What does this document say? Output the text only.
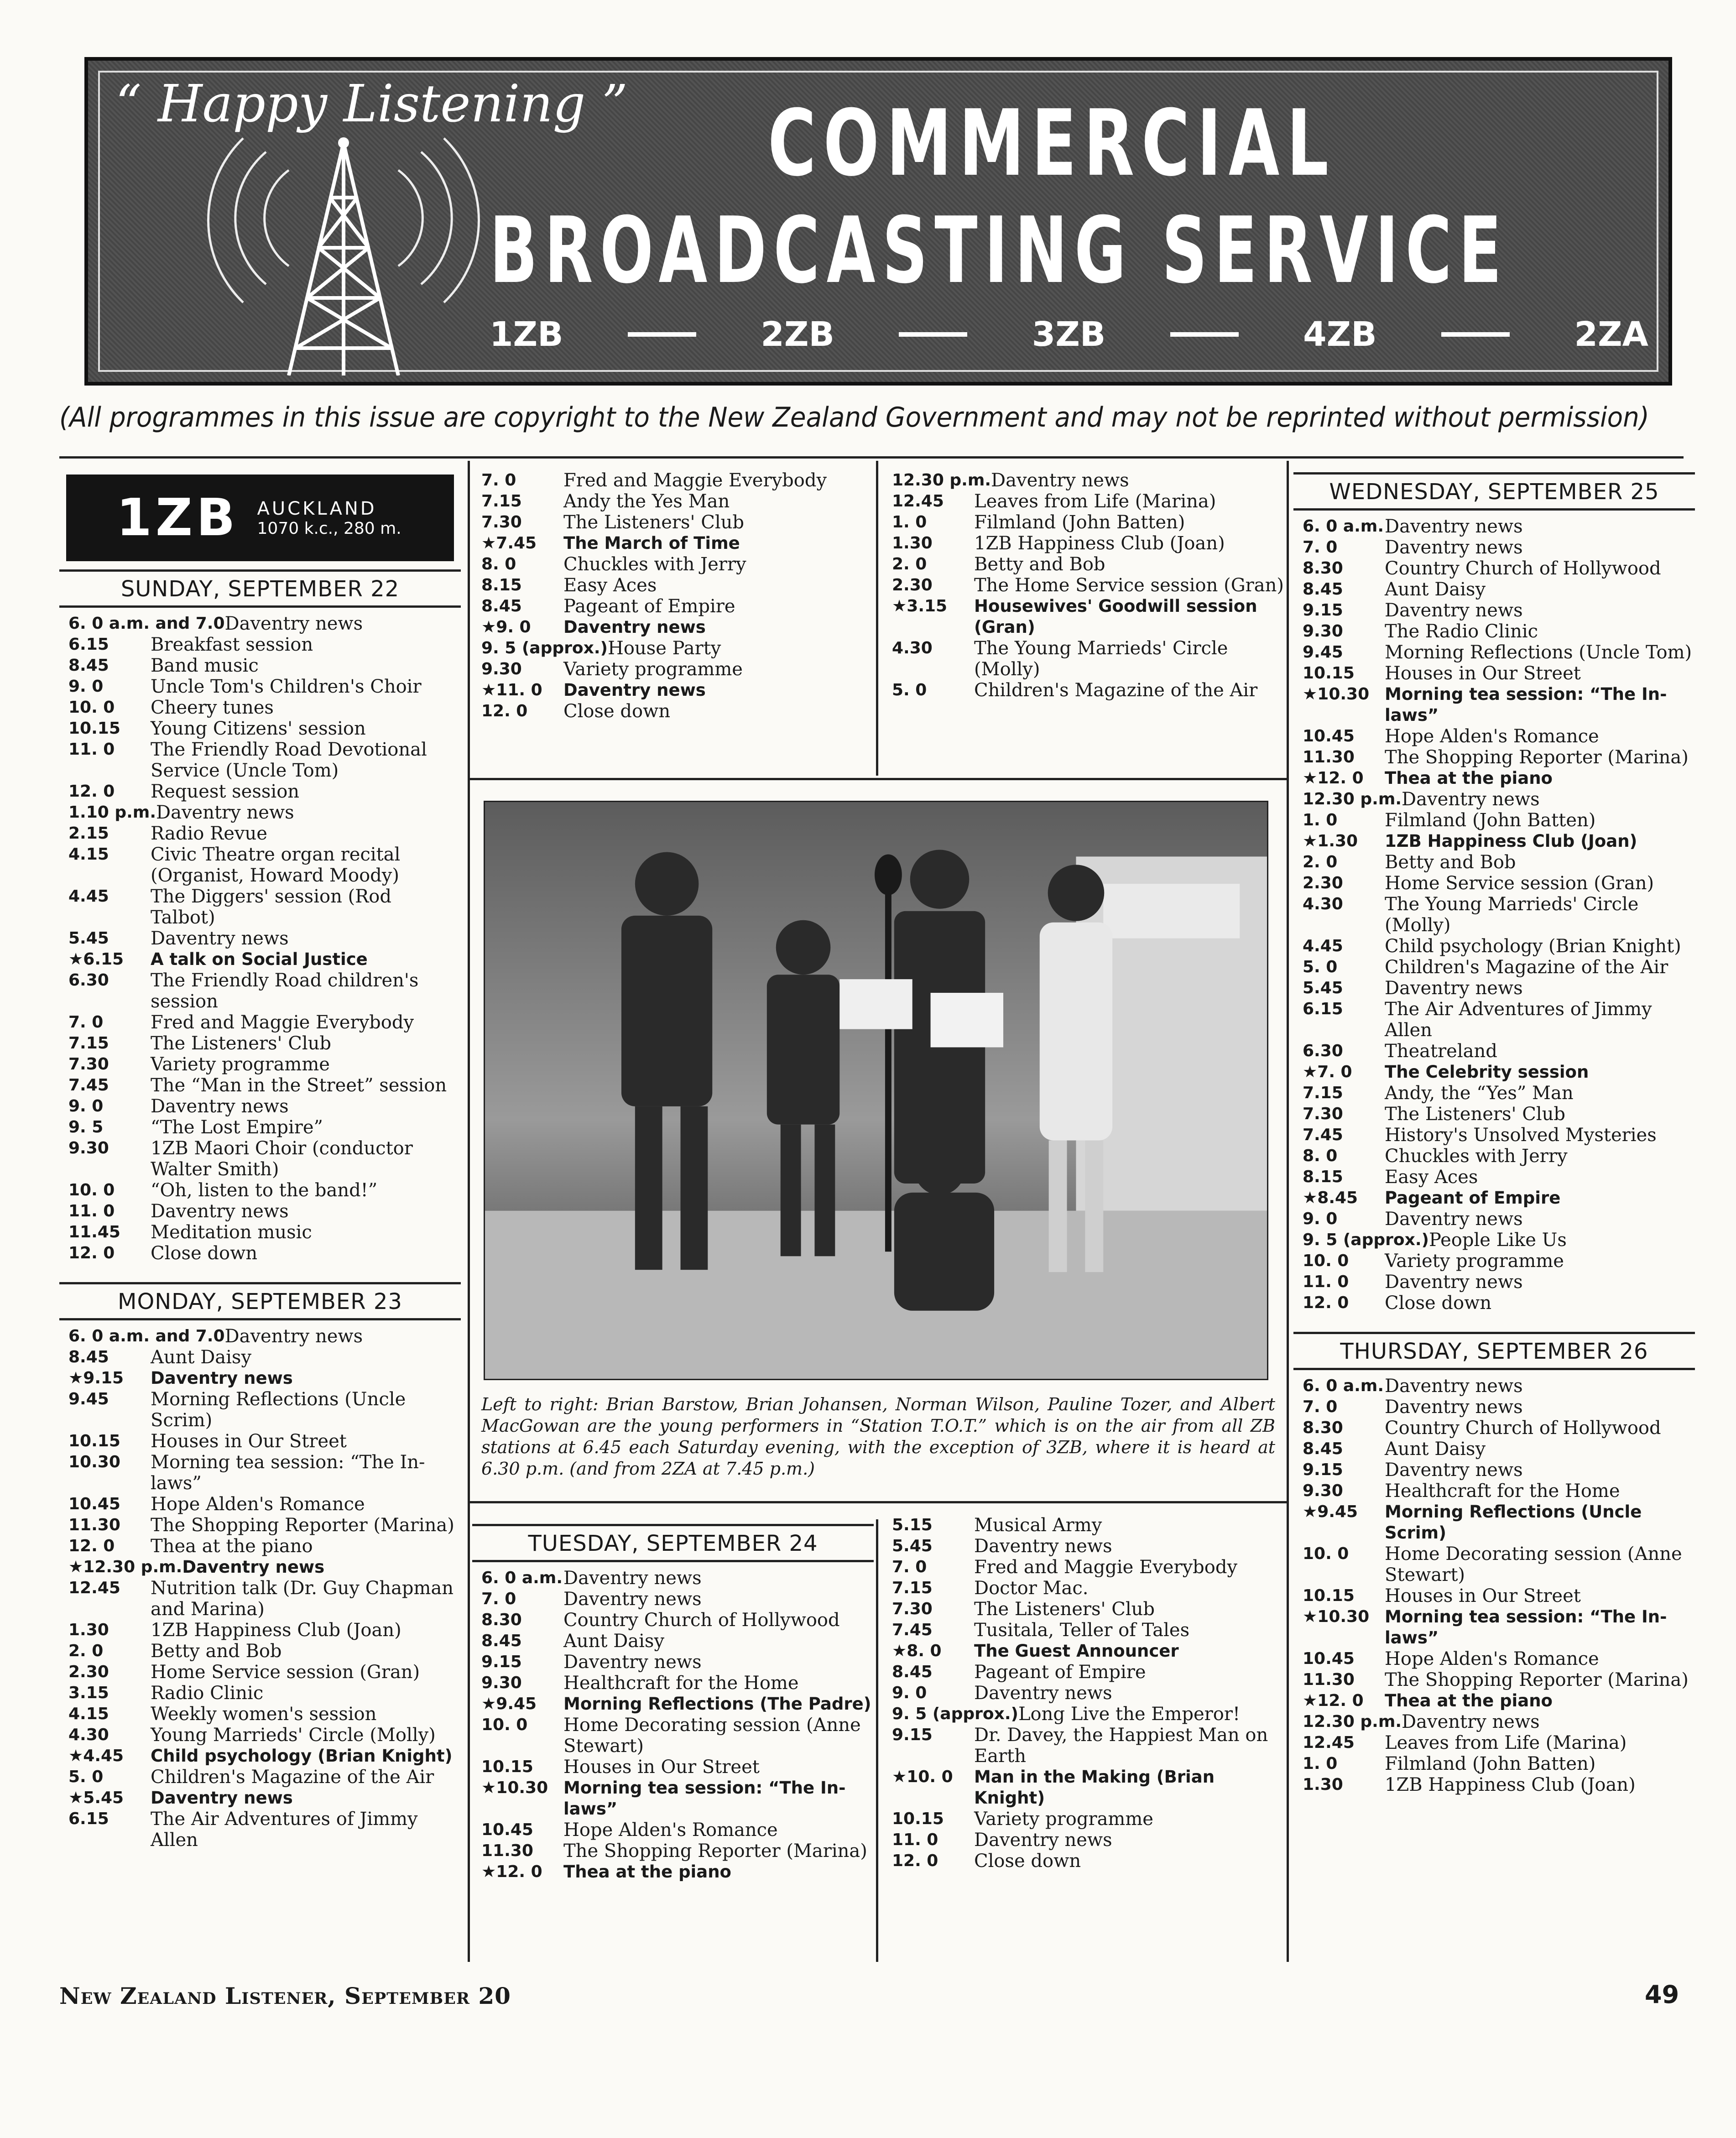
“ Happy Listening ” COMMERCIAL
BROADCASTING SERVICE
1ZB	2ZB	3ZB	4ZB	2ZA
(All programmes in this issue are copyright to the New Zealand Government and may not be reprinted without permission)
1ZB AUCKLAND
1070 k.c., 280 m.
SUNDAY, SEPTEMBER 22
6. 0 a.m. and 7.0 Daventry news
6.15	Breakfast session
8.45	Band music
9. 0	Uncle Tom's Children's Choir
10. 0	Cheery tunes
10.15	Young Citizens' session
11. 0	The Friendly Road Devotional Service (Uncle Tom)
12. 0	Request session
1.10 p.m. Daventry news
2.15	Radio Revue
4.15	Civic Theatre organ recital (Organist, Howard Moody)
4.45	The Diggers' session (Rod Talbot)
5.45	Daventry news
★6.15	A talk on Social Justice
6.30	The Friendly Road children's session
7. 0	Fred and Maggie Everybody
7.15	The Listeners' Club
7.30	Variety programme
7.45	The “Man in the Street” session
9. 0	Daventry news
9. 5	“The Lost Empire”
9.30	1ZB Maori Choir (conductor Walter Smith)
10. 0	“Oh, listen to the band!”
11. 0	Daventry news
11.45	Meditation music
12. 0	Close down
MONDAY, SEPTEMBER 23
6. 0 a.m. and 7.0 Daventry news
8.45	Aunt Daisy
★9.15	Daventry news
9.45	Morning Reflections (Uncle Scrim)
10.15	Houses in Our Street
10.30	Morning tea session: “The In-laws”
10.45	Hope Alden's Romance
11.30	The Shopping Reporter (Marina)
12. 0	Thea at the piano
★12.30 p.m. Daventry news
12.45	Nutrition talk (Dr. Guy Chapman and Marina)
1.30	1ZB Happiness Club (Joan)
2. 0	Betty and Bob
2.30	Home Service session (Gran)
3.15	Radio Clinic
4.15	Weekly women's session
4.30	Young Marrieds' Circle (Molly)
★4.45	Child psychology (Brian Knight)
5. 0	Children's Magazine of the Air
★5.45	Daventry news
6.15	The Air Adventures of Jimmy Allen
7. 0	Fred and Maggie Everybody
7.15	Andy the Yes Man
7.30	The Listeners' Club
★7.45	The March of Time
8. 0	Chuckles with Jerry
8.15	Easy Aces
8.45	Pageant of Empire
★9. 0	Daventry news
9. 5 (approx.) House Party
9.30	Variety programme
★11. 0	Daventry news
12. 0	Close down
12.30 p.m. Daventry news
12.45	Leaves from Life (Marina)
1. 0	Filmland (John Batten)
1.30	1ZB Happiness Club (Joan)
2. 0	Betty and Bob
2.30	The Home Service session (Gran)
★3.15	Housewives' Goodwill session (Gran)
4.30	The Young Marrieds' Circle (Molly)
5. 0	Children's Magazine of the Air
Left to right: Brian Barstow, Brian Johansen, Norman Wilson, Pauline Tozer, and Albert MacGowan are the young performers in “Station T.O.T.” which is on the air from all ZB stations at 6.45 each Saturday evening, with the exception of 3ZB, where it is heard at 6.30 p.m. (and from 2ZA at 7.45 p.m.)
TUESDAY, SEPTEMBER 24
6. 0 a.m. Daventry news
7. 0	Daventry news
8.30	Country Church of Hollywood
8.45	Aunt Daisy
9.15	Daventry news
9.30	Healthcraft for the Home
★9.45	Morning Reflections (The Padre)
10. 0	Home Decorating session (Anne Stewart)
10.15	Houses in Our Street
★10.30 Morning tea session: “The In-laws”
10.45	Hope Alden's Romance
11.30	The Shopping Reporter (Marina)
★12. 0	Thea at the piano
5.15	Musical Army
5.45	Daventry news
7. 0	Fred and Maggie Everybody
7.15	Doctor Mac.
7.30	The Listeners' Club
7.45	Tusitala, Teller of Tales
★8. 0	The Guest Announcer
8.45	Pageant of Empire
9. 0	Daventry news
9. 5 (approx.) Long Live the Emperor!
9.15	Dr. Davey, the Happiest Man on Earth
★10. 0	Man in the Making (Brian Knight)
10.15	Variety programme
11. 0	Daventry news
12. 0	Close down
WEDNESDAY, SEPTEMBER 25
6. 0 a.m. Daventry news
7. 0	Daventry news
8.30	Country Church of Hollywood
8.45	Aunt Daisy
9.15	Daventry news
9.30	The Radio Clinic
9.45	Morning Reflections (Uncle Tom)
10.15	Houses in Our Street
★10.30 Morning tea session: “The In-laws”
10.45	Hope Alden's Romance
11.30	The Shopping Reporter (Marina)
★12. 0	Thea at the piano
12.30 p.m. Daventry news
1. 0	Filmland (John Batten)
★1.30	1ZB Happiness Club (Joan)
2. 0	Betty and Bob
2.30	Home Service session (Gran)
4.30	The Young Marrieds' Circle (Molly)
4.45	Child psychology (Brian Knight)
5. 0	Children's Magazine of the Air
5.45	Daventry news
6.15	The Air Adventures of Jimmy Allen
6.30	Theatreland
★7. 0	The Celebrity session
7.15	Andy, the “Yes” Man
7.30	The Listeners' Club
7.45	History's Unsolved Mysteries
8. 0	Chuckles with Jerry
8.15	Easy Aces
★8.45	Pageant of Empire
9. 0	Daventry news
9. 5 (approx.) People Like Us
10. 0	Variety programme
11. 0	Daventry news
12. 0	Close down
THURSDAY, SEPTEMBER 26
6. 0 a.m. Daventry news
7. 0	Daventry news
8.30	Country Church of Hollywood
8.45	Aunt Daisy
9.15	Daventry news
9.30	Healthcraft for the Home
★9.45	Morning Reflections (Uncle Scrim)
10. 0	Home Decorating session (Anne Stewart)
10.15	Houses in Our Street
★10.30 Morning tea session: “The In-laws”
10.45	Hope Alden's Romance
11.30	The Shopping Reporter (Marina)
★12. 0	Thea at the piano
12.30 p.m. Daventry news
12.45	Leaves from Life (Marina)
1. 0	Filmland (John Batten)
1.30	1ZB Happiness Club (Joan)
New Zealand Listener, September 20	49
